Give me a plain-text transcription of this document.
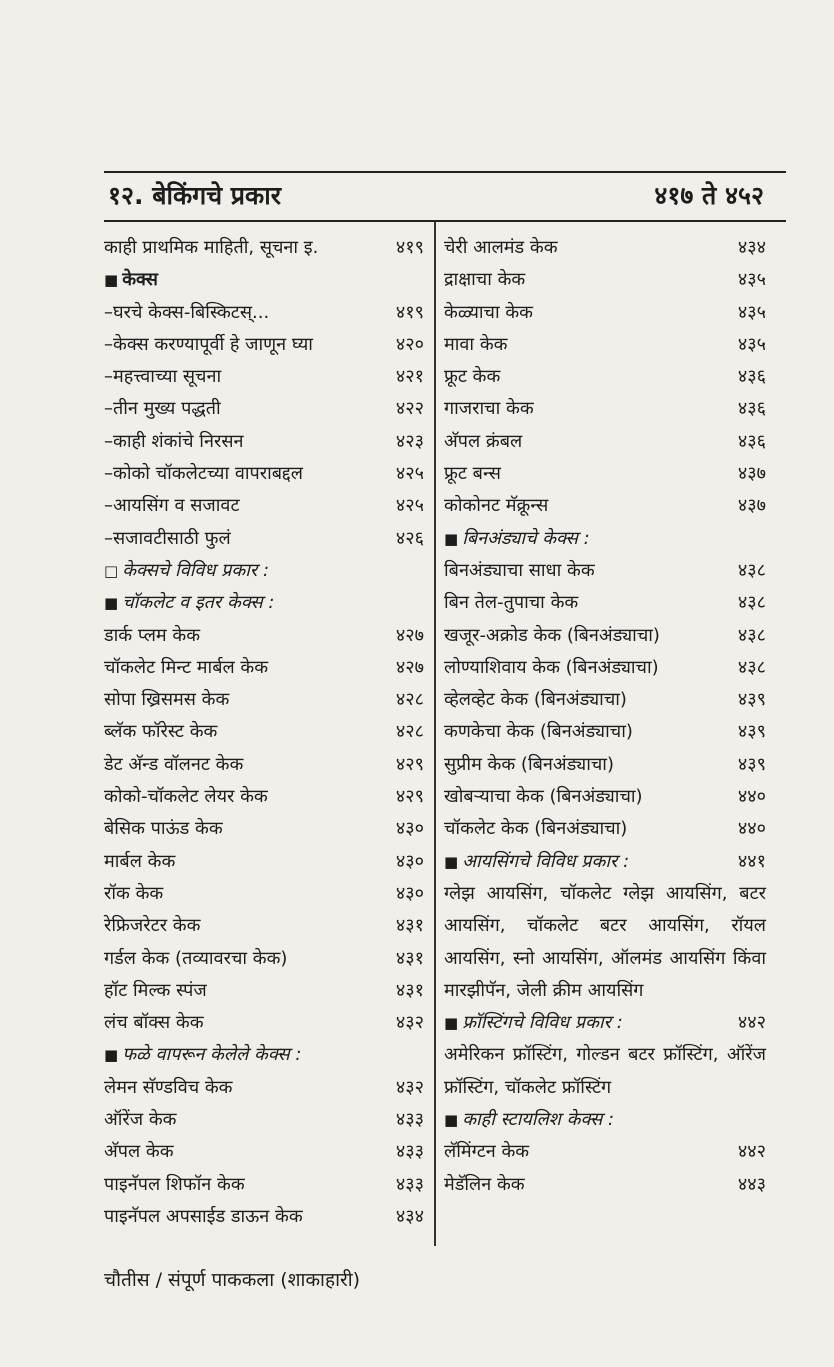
१२. बेकिंगचे प्रकार	४१७ ते ४५२
काही प्राथमिक माहिती, सूचना इ.	४१९
■ केक्स
–घरचे केक्स-बिस्किटस्...	४१९
–केक्स करण्यापूर्वी हे जाणून घ्या	४२०
–महत्त्वाच्या सूचना	४२१
–तीन मुख्य पद्धती	४२२
–काही शंकांचे निरसन	४२३
–कोको चॉकलेटच्या वापराबद्दल	४२५
–आयसिंग व सजावट	४२५
–सजावटीसाठी फुलं	४२६
□ केक्सचे विविध प्रकार :
■ चॉकलेट व इतर केक्स :
डार्क प्लम केक	४२७
चॉकलेट मिन्ट मार्बल केक	४२७
सोपा ख्रिसमस केक	४२८
ब्लॅक फॉरेस्ट केक	४२८
डेट अ‍ॅन्ड वॉलनट केक	४२९
कोको-चॉकलेट लेयर केक	४२९
बेसिक पाऊंड केक	४३०
मार्बल केक	४३०
रॉक केक	४३०
रेफ्रिजरेटर केक	४३१
गर्डल केक (तव्यावरचा केक)	४३१
हॉट मिल्क स्पंज	४३१
लंच बॉक्स केक	४३२
■ फळे वापरून केलेले केक्स :
लेमन सॅण्डविच केक	४३२
ऑरेंज केक	४३३
अ‍ॅपल केक	४३३
पाइनॅपल शिफॉन केक	४३३
पाइनॅपल अपसाईड डाऊन केक	४३४
चेरी आलमंड केक	४३४
द्राक्षाचा केक	४३५
केळ्याचा केक	४३५
मावा केक	४३५
फ्रूट केक	४३६
गाजराचा केक	४३६
अ‍ॅपल क्रंबल	४३६
फ्रूट बन्स	४३७
कोकोनट मॅक्रून्स	४३७
■ बिनअंड्याचे केक्स :
बिनअंड्याचा साधा केक	४३८
बिन तेल-तुपाचा केक	४३८
खजूर-अक्रोड केक (बिनअंड्याचा)	४३८
लोण्याशिवाय केक (बिनअंड्याचा)	४३८
व्हेलव्हेट केक (बिनअंड्याचा)	४३९
कणकेचा केक (बिनअंड्याचा)	४३९
सुप्रीम केक (बिनअंड्याचा)	४३९
खोबऱ्याचा केक (बिनअंड्याचा)	४४०
चॉकलेट केक (बिनअंड्याचा)	४४०
■ आयसिंगचे विविध प्रकार :	४४१
ग्लेझ आयसिंग, चॉकलेट ग्लेझ आयसिंग, बटर आयसिंग, चॉकलेट बटर आयसिंग, रॉयल आयसिंग, स्नो आयसिंग, ऑलमंड आयसिंग किंवा मारझीपॅन, जेली क्रीम आयसिंग
■ फ्रॉस्टिंगचे विविध प्रकार :	४४२
अमेरिकन फ्रॉस्टिंग, गोल्डन बटर फ्रॉस्टिंग, ऑरेंज फ्रॉस्टिंग, चॉकलेट फ्रॉस्टिंग
■ काही स्टायलिश केक्स :
लॅमिंग्टन केक	४४२
मेडॅलिन केक	४४३
चौतीस / संपूर्ण पाककला (शाकाहारी)
